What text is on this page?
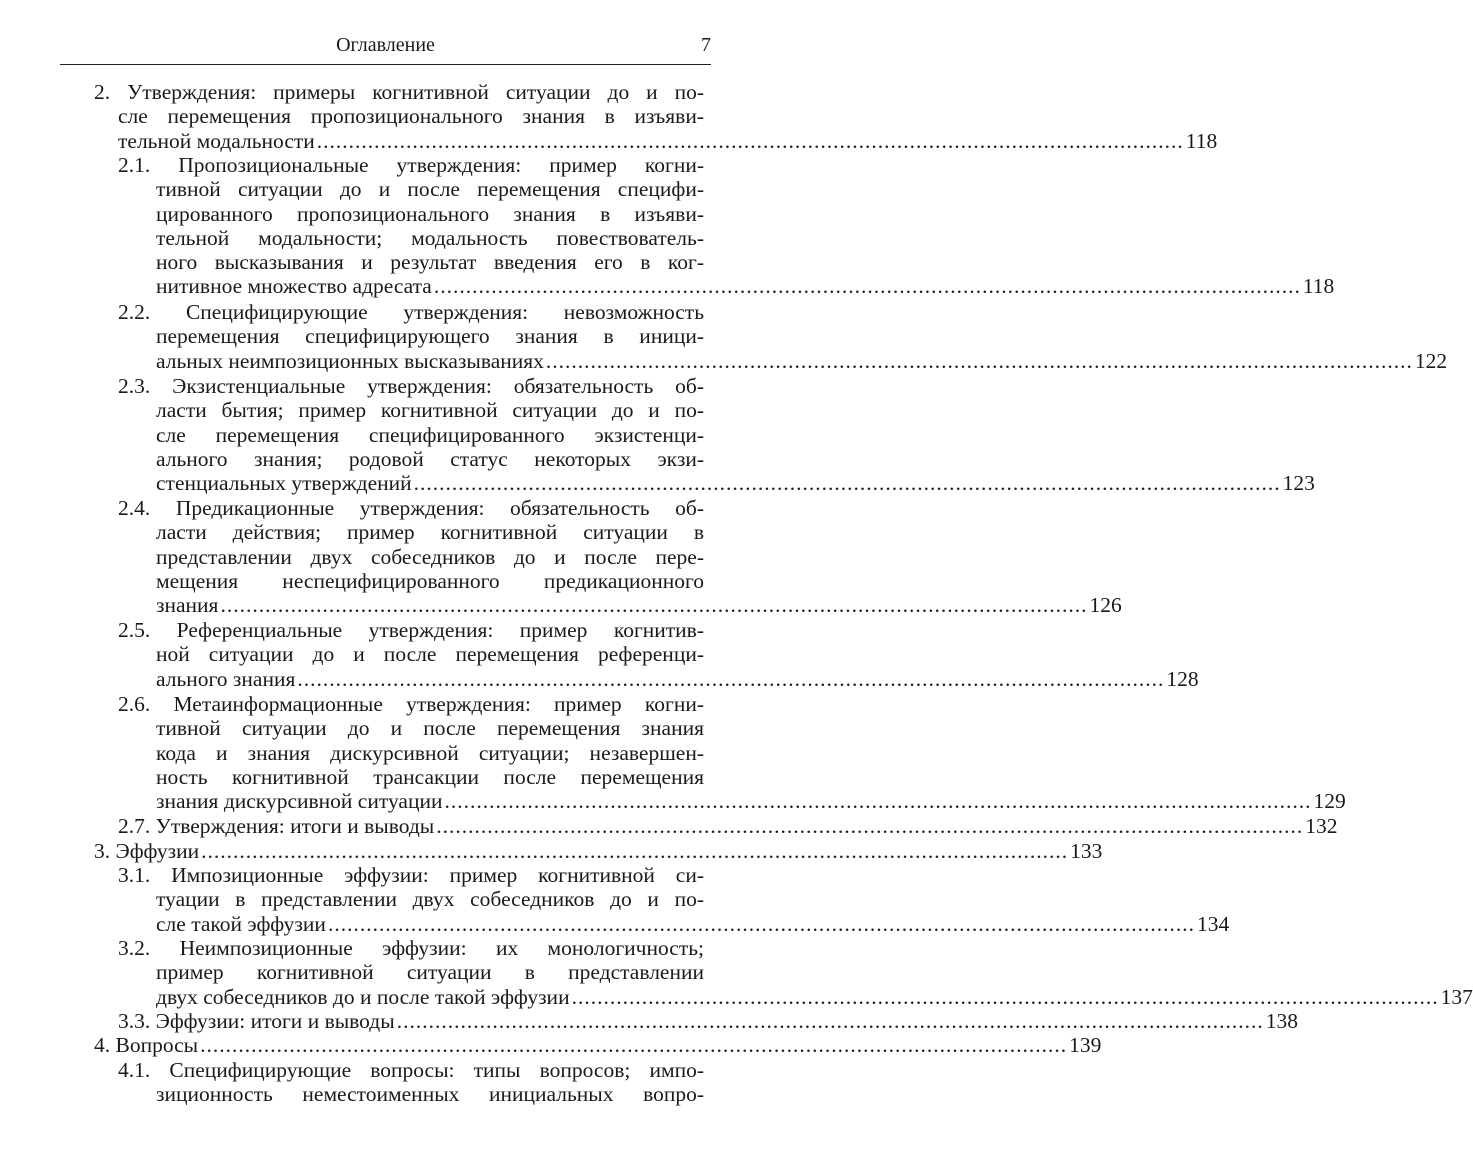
Оглавление	7
2. Утверждения: примеры когнитивной ситуации до и по-
сле перемещения пропозиционального знания в изъяви-
тельной модальности ........................................................................................................................................ 118
2.1. Пропозициональные утверждения: пример когни-
тивной ситуации до и после перемещения специфи-
цированного пропозиционального знания в изъяви-
тельной модальности; модальность повествователь-
ного высказывания и результат введения его в ког-
нитивное множество адресата ........................................................................................................................................ 118
2.2. Специфицирующие утверждения: невозможность
перемещения специфицирующего знания в иници-
альных неимпозиционных высказываниях ........................................................................................................................................ 122
2.3. Экзистенциальные утверждения: обязательность об-
ласти бытия; пример когнитивной ситуации до и по-
сле перемещения специфицированного экзистенци-
ального знания; родовой статус некоторых экзи-
стенциальных утверждений ........................................................................................................................................ 123
2.4. Предикационные утверждения: обязательность об-
ласти действия; пример когнитивной ситуации в
представлении двух собеседников до и после пере-
мещения неспецифицированного предикационного
знания ........................................................................................................................................ 126
2.5. Референциальные утверждения: пример когнитив-
ной ситуации до и после перемещения референци-
ального знания ........................................................................................................................................ 128
2.6. Метаинформационные утверждения: пример когни-
тивной ситуации до и после перемещения знания
кода и знания дискурсивной ситуации; незавершен-
ность когнитивной трансакции после перемещения
знания дискурсивной ситуации ........................................................................................................................................ 129
2.7. Утверждения: итоги и выводы ........................................................................................................................................ 132
3. Эффузии ........................................................................................................................................ 133
3.1. Импозиционные эффузии: пример когнитивной си-
туации в представлении двух собеседников до и по-
сле такой эффузии ........................................................................................................................................ 134
3.2. Неимпозиционные эффузии: их монологичность;
пример когнитивной ситуации в представлении
двух собеседников до и после такой эффузии ........................................................................................................................................ 137
3.3. Эффузии: итоги и выводы ........................................................................................................................................ 138
4. Вопросы ........................................................................................................................................ 139
4.1. Специфицирующие вопросы: типы вопросов; импо-
зиционность неместоименных инициальных вопро-
